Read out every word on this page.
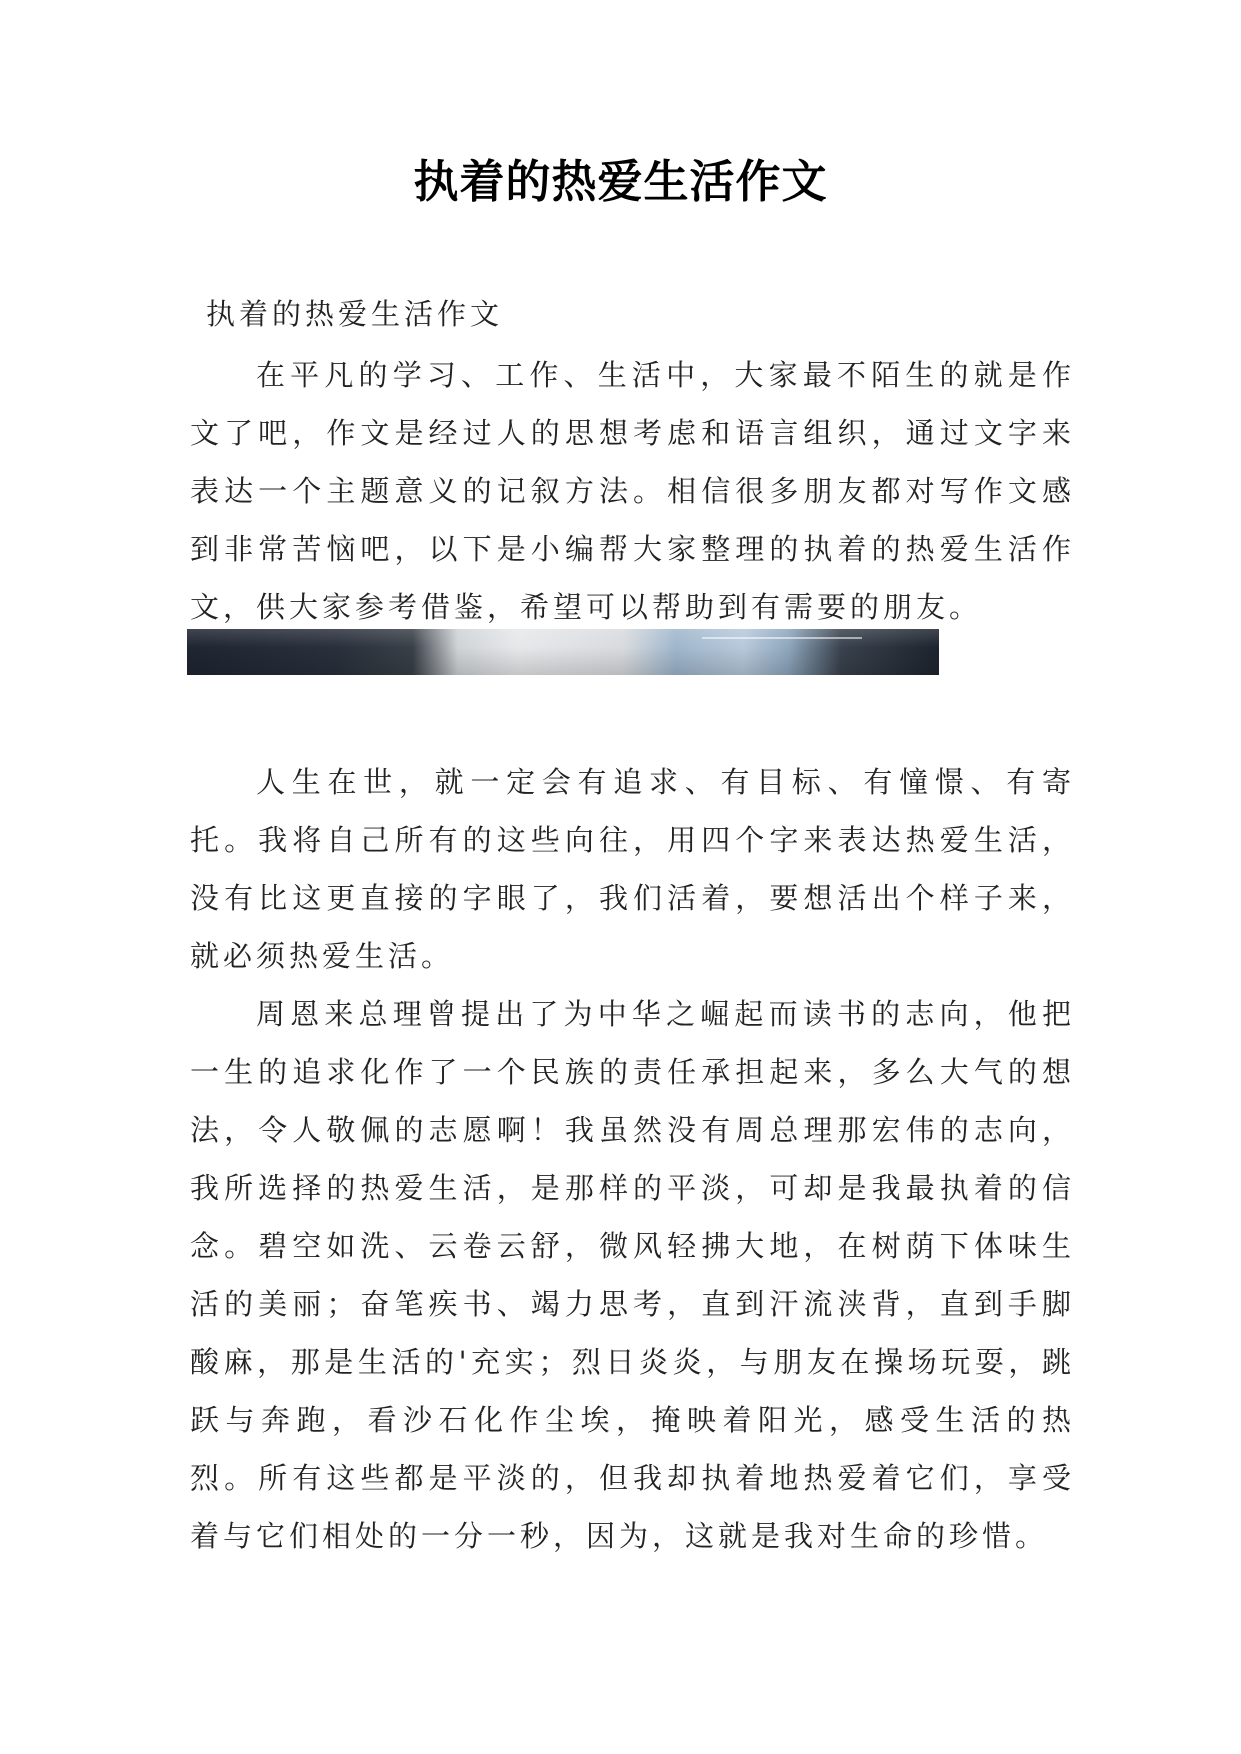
执着的热爱生活作文
执着的热爱生活作文

在平凡的学习、工作、生活中，大家最不陌生的就是作文了吧，作文是经过人的思想考虑和语言组织，通过文字来表达一个主题意义的记叙方法。相信很多朋友都对写作文感到非常苦恼吧，以下是小编帮大家整理的执着的热爱生活作文，供大家参考借鉴，希望可以帮助到有需要的朋友。

人生在世，就一定会有追求、有目标、有憧憬、有寄托。我将自己所有的这些向往，用四个字来表达热爱生活，没有比这更直接的字眼了，我们活着，要想活出个样子来，就必须热爱生活。

周恩来总理曾提出了为中华之崛起而读书的志向，他把一生的追求化作了一个民族的责任承担起来，多么大气的想法，令人敬佩的志愿啊！我虽然没有周总理那宏伟的志向，我所选择的热爱生活，是那样的平淡，可却是我最执着的信念。碧空如洗、云卷云舒，微风轻拂大地，在树荫下体味生活的美丽；奋笔疾书、竭力思考，直到汗流浃背，直到手脚酸麻，那是生活的'充实；烈日炎炎，与朋友在操场玩耍，跳跃与奔跑，看沙石化作尘埃，掩映着阳光，感受生活的热烈。所有这些都是平淡的，但我却执着地热爱着它们，享受着与它们相处的一分一秒，因为，这就是我对生命的珍惜。
